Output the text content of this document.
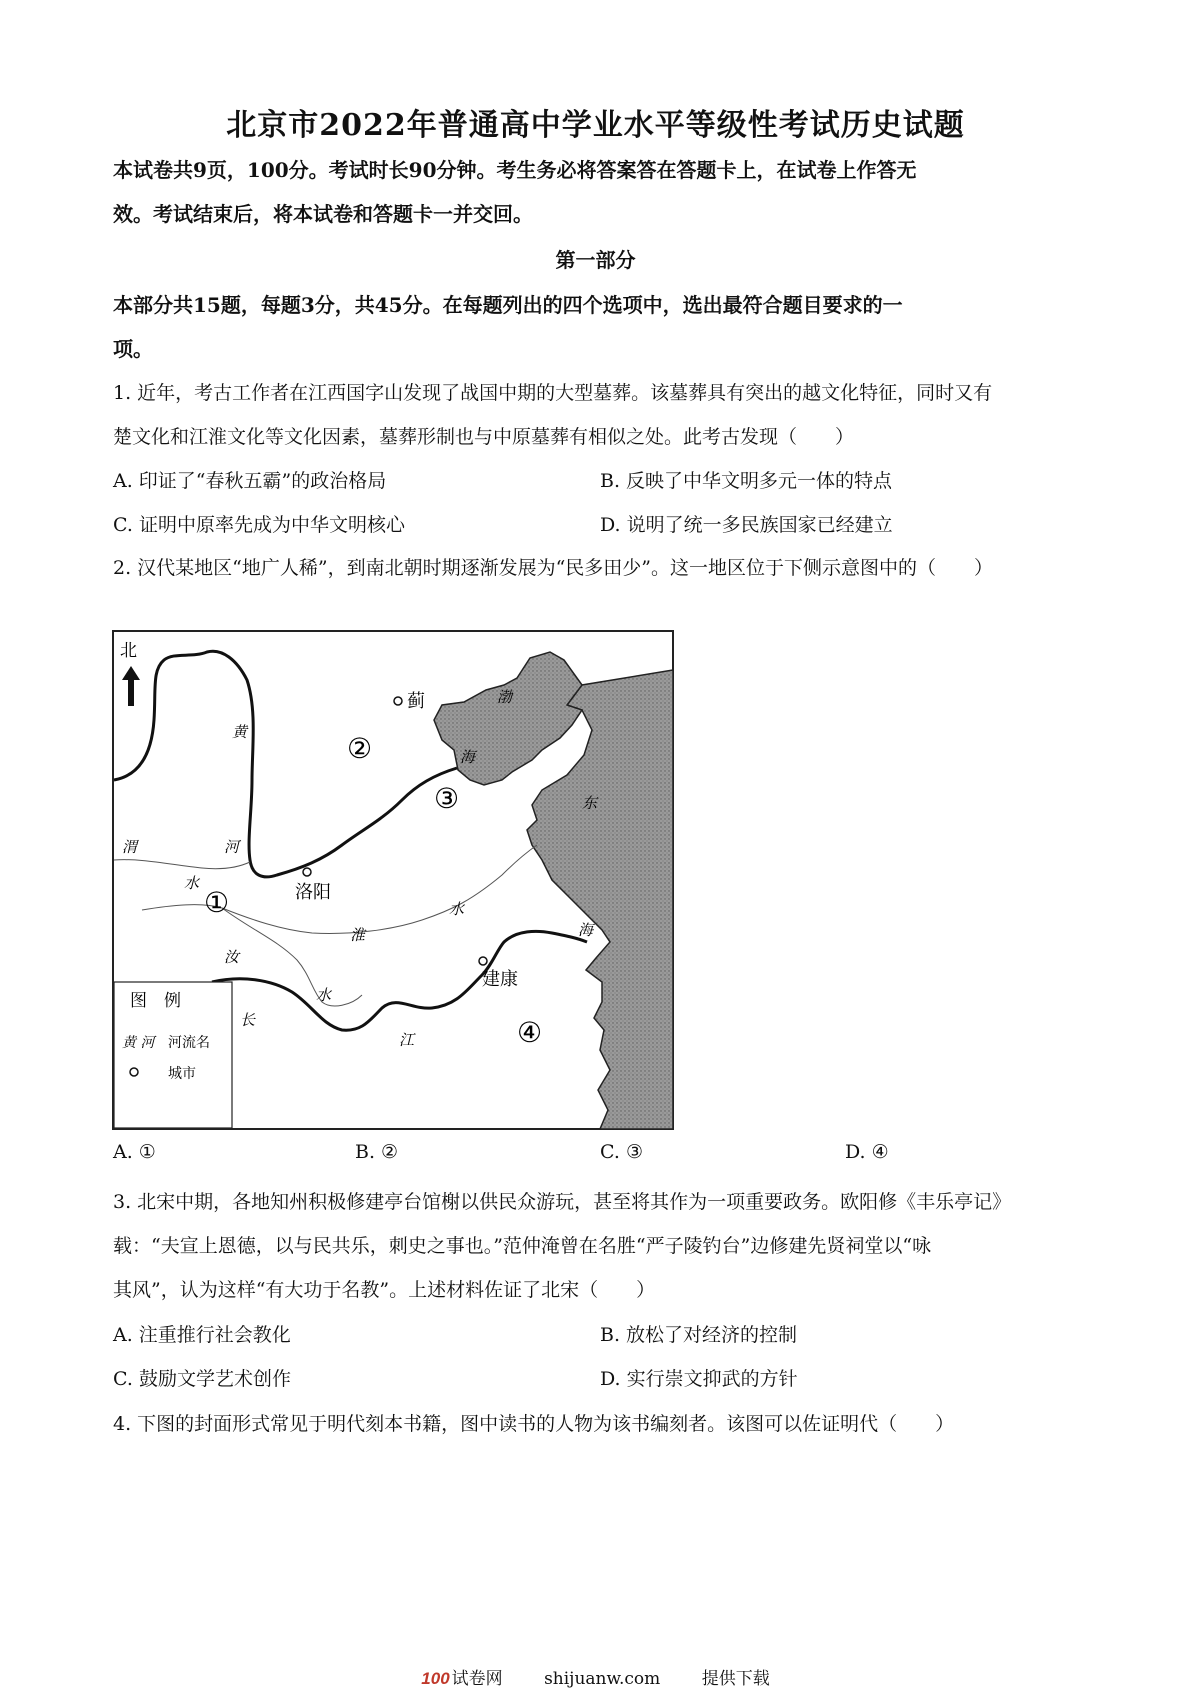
北京市2022年普通高中学业水平等级性考试历史试题
本试卷共9页，100分。考试时长90分钟。考生务必将答案答在答题卡上，在试卷上作答无
效。考试结束后，将本试卷和答题卡一并交回。
第一部分
本部分共15题，每题3分，共45分。在每题列出的四个选项中，选出最符合题目要求的一
项。
1. 近年，考古工作者在江西国字山发现了战国中期的大型墓葬。该墓葬具有突出的越文化特征，同时又有
楚文化和江淮文化等文化因素，墓葬形制也与中原墓葬有相似之处。此考古发现（　　）
A. 印证了“春秋五霸”的政治格局	B. 反映了中华文明多元一体的特点
C. 证明中原率先成为中华文明核心	D. 说明了统一多民族国家已经建立
2. 汉代某地区“地广人稀”，到南北朝时期逐渐发展为“民多田少”。这一地区位于下侧示意图中的（　　）
北
蓟
洛阳
建康
黄
河
渭
水
淮
水
汝
水
长
江
渤
海
东
海
②
③
①
④
图　例
黄 河 河流名
城市
A. ①	B. ②	C. ③	D. ④
3. 北宋中期，各地知州积极修建亭台馆榭以供民众游玩，甚至将其作为一项重要政务。欧阳修《丰乐亭记》
载：“夫宣上恩德，以与民共乐，刺史之事也。”范仲淹曾在名胜“严子陵钓台”边修建先贤祠堂以“咏
其风”，认为这样“有大功于名教”。上述材料佐证了北宋（　　）
A. 注重推行社会教化	B. 放松了对经济的控制
C. 鼓励文学艺术创作	D. 实行崇文抑武的方针
4. 下图的封面形式常见于明代刻本书籍，图中读书的人物为该书编刻者。该图可以佐证明代（　　）
100 试卷网 shijuanw.com 提供下载
